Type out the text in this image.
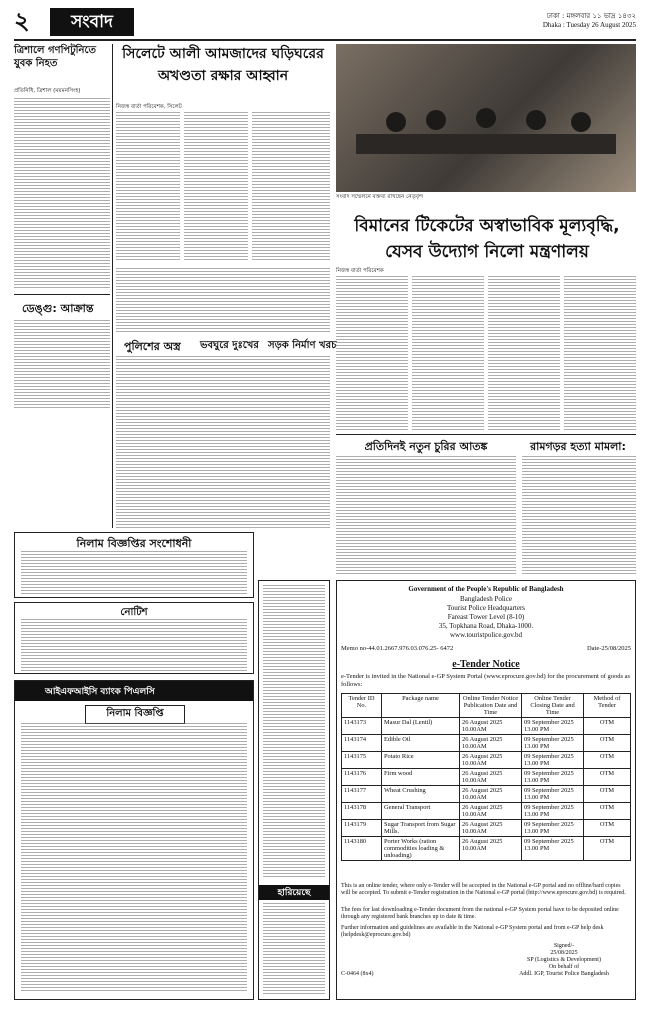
২	সংবাদ	ঢাকা : মঙ্গলবার ১১ ভাদ্র ১৪৩২
Dhaka : Tuesday 26 August 2025
ত্রিশালে গণপিটুনিতে যুবক নিহত
প্রতিনিধি, ত্রিশাল (ময়মনসিংহ)
ডেঙ্গু: আক্রান্ত
সিলেটে আলী আমজাদের ঘড়িঘরের
অখণ্ডতা রক্ষার আহ্বান
নিজস্ব বার্তা পরিবেশক, সিলেট
সংবাদ সম্মেলনে বক্তব্য রাখছেন নেতৃবৃন্দ
বিমানের টিকেটের অস্বাভাবিক মূল্যবৃদ্ধি,
যেসব উদ্যোগ নিলো মন্ত্রণালয়
নিজস্ব বার্তা পরিবেশক
পুলিশের অস্ত্র ভবঘুরে দুঃখের সড়ক নির্মাণ খরচ
প্রতিদিনই নতুন চুরির আতঙ্ক	রামগড়র হত্যা মামলা:
নিলাম বিজ্ঞপ্তির সংশোধনী
নোটিশ
আইএফআইসি ব্যাংক পিএলসি
নিলাম বিজ্ঞপ্তি
হারিয়েছে
Government of the People's Republic of Bangladesh
Bangladesh Police
Tourist Police Headquarters
Fareast Tower Level (8-10)
35, Topkhana Road, Dhaka-1000.
www.touristpolice.gov.bd
Memo no-44.01.2667.976.03.076.25- 6472	Date-25/08/2025
e-Tender Notice
e-Tender is invited in the National e-GP System Portal (www.eprocure.gov.bd) for the procurement of goods as follows:
Tender ID No.	Package name	Online Tender Notice Publication Date and Time	Online Tender Closing Date and Time	Method of Tender
1143173	Masur Dal (Lentil)	26 August 2025 10.00AM	09 September 2025 13.00 PM	OTM
1143174	Edible Oil	26 August 2025 10.00AM	09 September 2025 13.00 PM	OTM
1143175	Potato Rice	26 August 2025 10.00AM	09 September 2025 13.00 PM	OTM
1143176	Firm wood	26 August 2025 10.00AM	09 September 2025 13.00 PM	OTM
1143177	Wheat Crushing	26 August 2025 10.00AM	09 September 2025 13.00 PM	OTM
1143178	General Transport	26 August 2025 10.00AM	09 September 2025 13.00 PM	OTM
1143179	Sugar Transport from Sugar Mills.	26 August 2025 10.00AM	09 September 2025 13.00 PM	OTM
1143180	Porter Works (ration commodities loading & unloading)	26 August 2025 10.00AM	09 September 2025 13.00 PM	OTM
This is an online tender, where only e-Tender will be accepted in the National e-GP portal and no offline/hard copies will be accepted. To submit e-Tender registration in the National e-GP portal (http://www.eprocure.gov.bd) is required.
The fees for last downloading e-Tender document from the national e-GP System portal have to be deposited online through any registered bank branches up to date & time.
Further information and guidelines are available in the National e-GP System portal and from e-GP help desk (helpdesk@eprocure.gov.bd)
C-0464 (8x4)
Signed/-
25/08/2025
SP (Logistics & Development)
On behalf of
Addl. IGP, Tourist Police Bangladesh
